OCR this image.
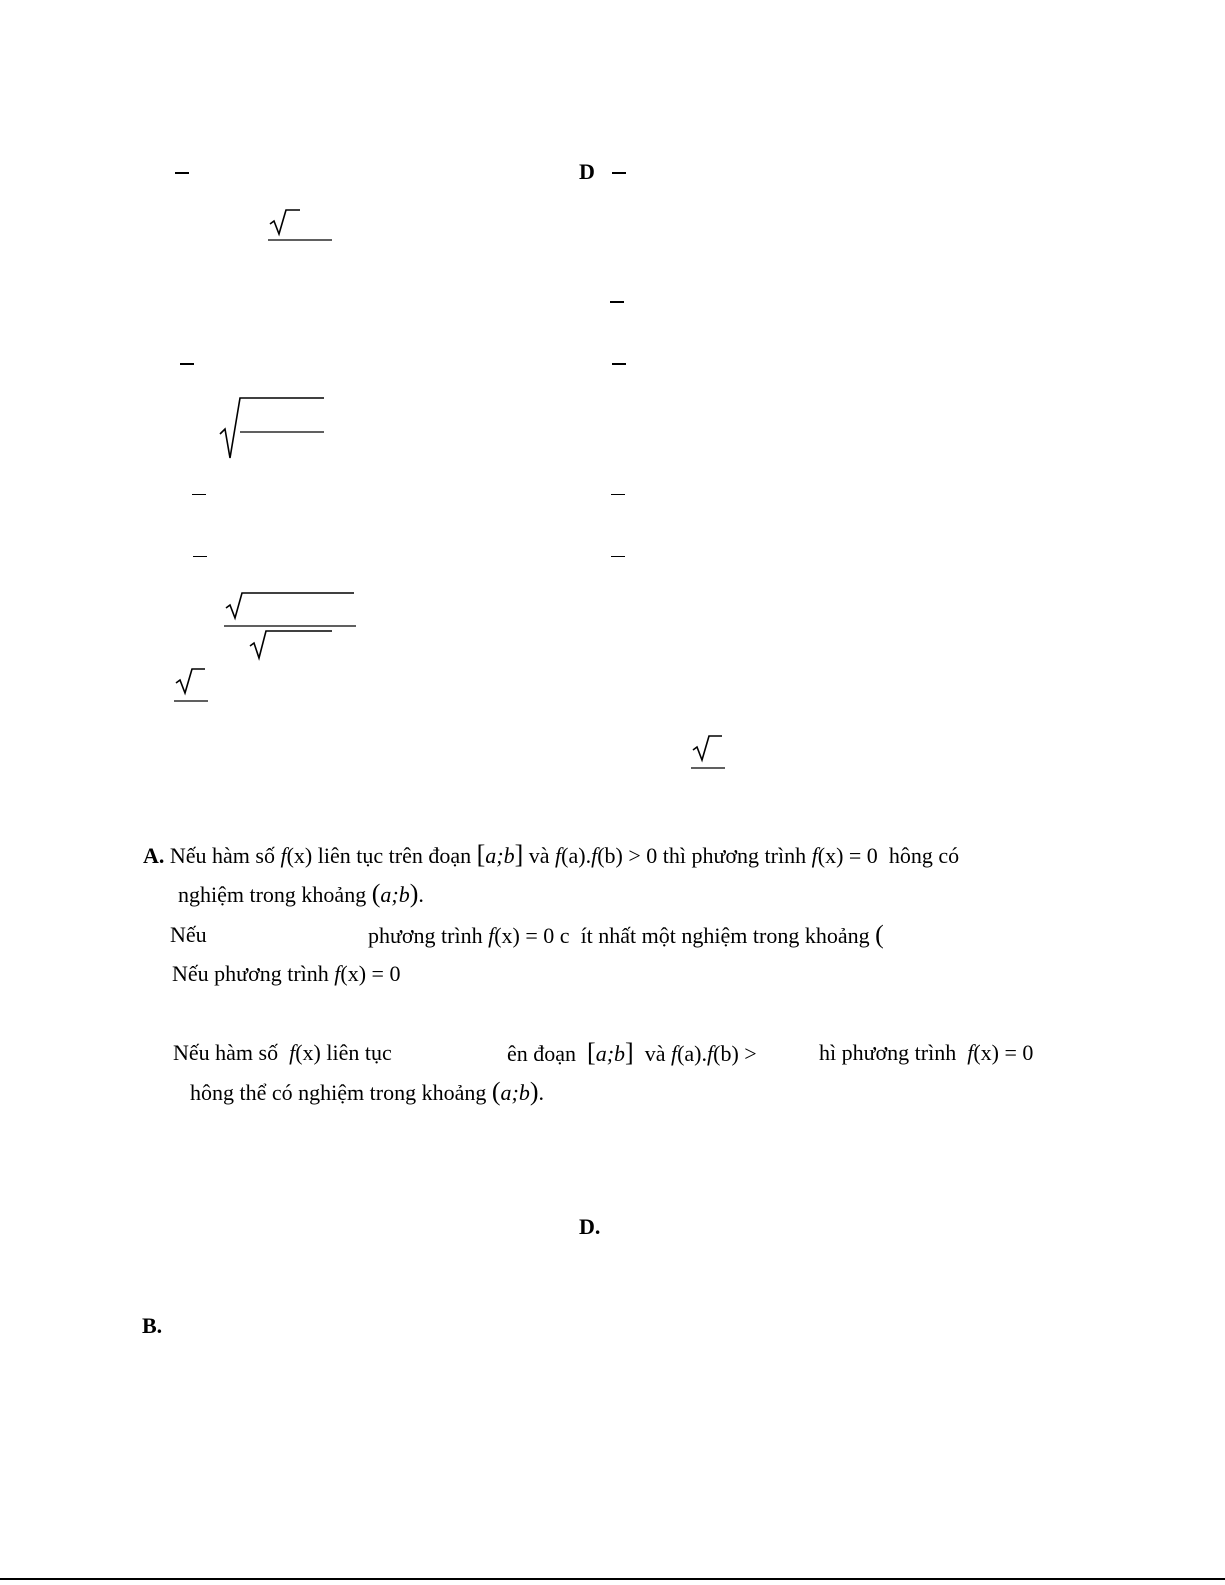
D
A. Nếu hàm số f(x) liên tục trên đoạn [a;b] và f(a).f(b) > 0 thì phương trình f(x) = 0 hông có
nghiệm trong khoảng (a;b).
Nếu	phương trình f(x) = 0 c ít nhất một nghiệm trong khoảng (
Nếu phương trình f(x) = 0
Nếu hàm số f(x) liên tục	ên đoạn [a;b] và f(a).f(b) >	hì phương trình f(x) = 0
hông thể có nghiệm trong khoảng (a;b).
D.
B.
